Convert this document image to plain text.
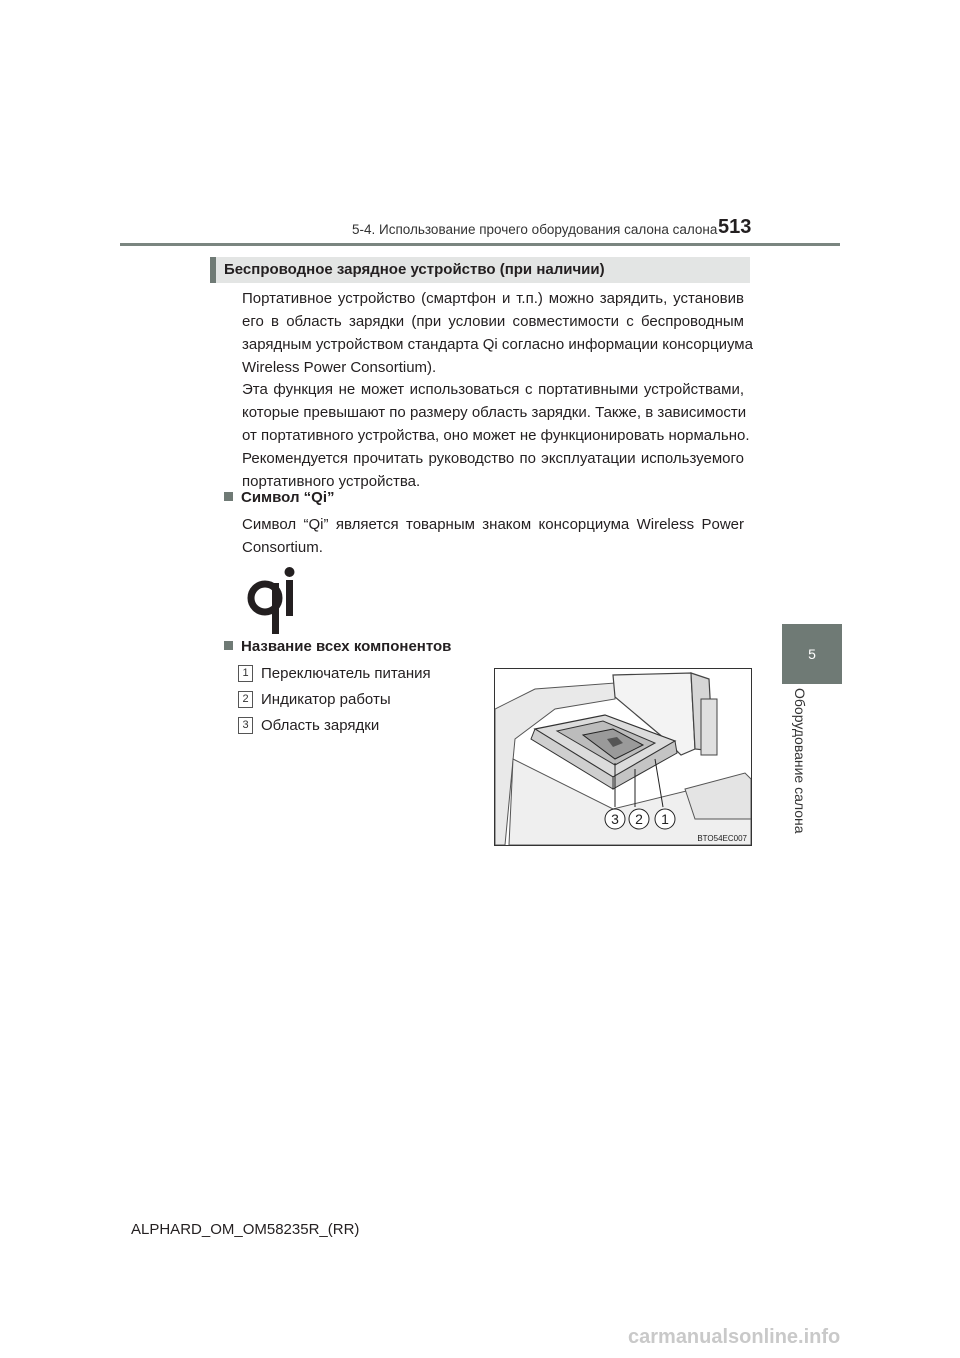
5-4. Использование прочего оборудования салона салона 513
5
Оборудование салона
Беспроводное зарядное устройство (при наличии)
Портативное устройство (смартфон и т.п.) можно зарядить, установив
его в область зарядки (при условии совместимости с беспроводным
зарядным устройством стандарта Qi согласно информации консорциума
Wireless Power Consortium).
Эта функция не может использоваться с портативными устройствами,
которые превышают по размеру область зарядки. Также, в зависимости
от портативного устройства, оно может не функционировать нормально.
Рекомендуется прочитать руководство по эксплуатации используемого
портативного устройства.
Символ “Qi”
Символ “Qi” является товарным знаком консорциума Wireless Power
Consortium.
Название всех компонентов
1 Переключатель питания
2 Индикатор работы
3 Область зарядки
3 2 1
BTO54EC007
ALPHARD_OM_OM58235R_(RR)
carmanualsonline.info
